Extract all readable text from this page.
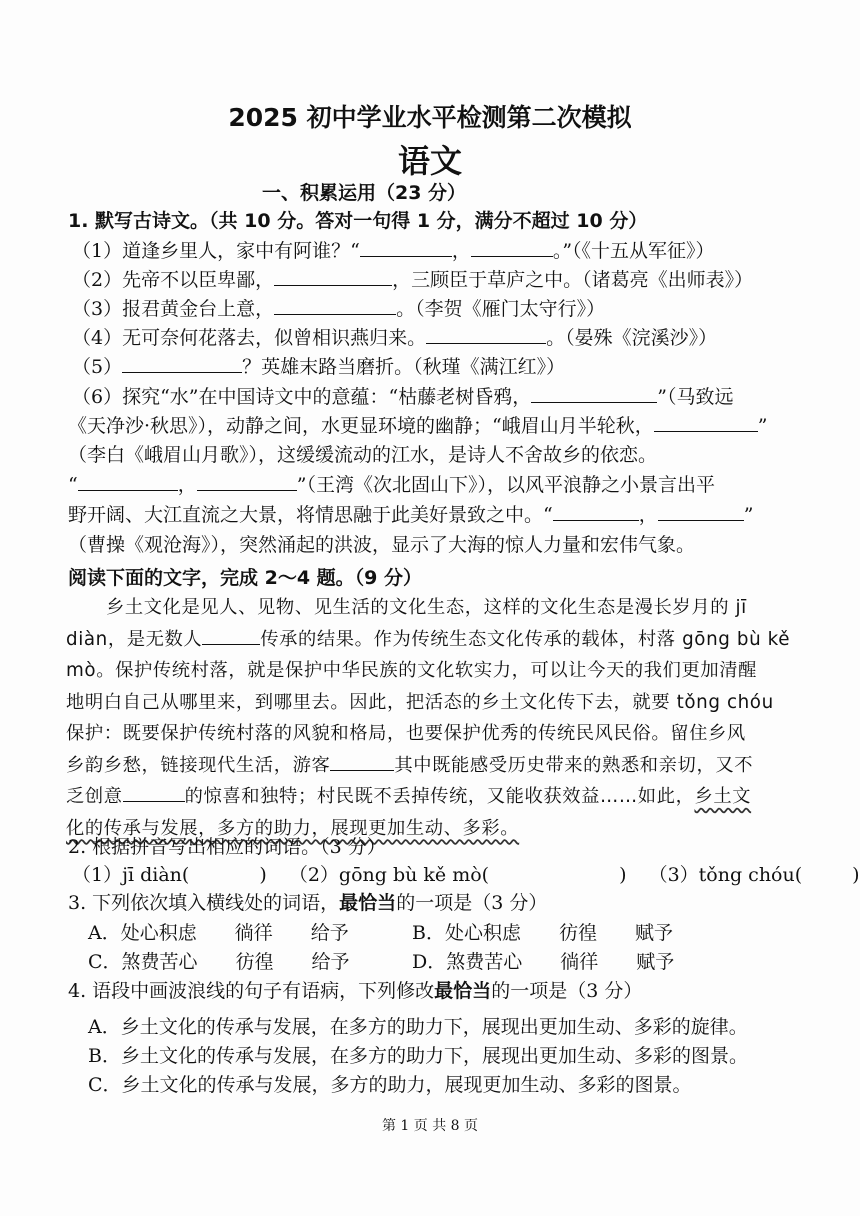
2025 初中学业水平检测第二次模拟
语文
一、积累运用（23 分）
1. 默写古诗文。（共 10 分。答对一句得 1 分，满分不超过 10 分）
（1）道逢乡里人，家中有阿谁？“	，	。”（《十五从军征》）
（2）先帝不以臣卑鄙，	，三顾臣于草庐之中。（诸葛亮《出师表》）
（3）报君黄金台上意，	。（李贺《雁门太守行》）
（4）无可奈何花落去，似曾相识燕归来。	。（晏殊《浣溪沙》）
（5）	？英雄末路当磨折。（秋瑾《满江红》）
（6）探究“水”在中国诗文中的意蕴：“枯藤老树昏鸦，	”（马致远
《天净沙·秋思》），动静之间，水更显环境的幽静；“峨眉山月半轮秋，	”
（李白《峨眉山月歌》），这缓缓流动的江水，是诗人不舍故乡的依恋。
“	，	”（王湾《次北固山下》），以风平浪静之小景言出平
野开阔、大江直流之大景，将情思融于此美好景致之中。“	，	”
（曹操《观沧海》），突然涌起的洪波，显示了大海的惊人力量和宏伟气象。
阅读下面的文字，完成 2～4 题。（9 分）
乡土文化是见人、见物、见生活的文化生态，这样的文化生态是漫长岁月的 jī
diàn，是无数人	传承的结果。作为传统生态文化传承的载体，村落 gōng bù kě
mò。保护传统村落，就是保护中华民族的文化软实力，可以让今天的我们更加清醒
地明白自己从哪里来，到哪里去。因此，把活态的乡土文化传下去，就要 tǒng chóu
保护：既要保护传统村落的风貌和格局，也要保护优秀的传统民风民俗。留住乡风
乡韵乡愁，链接现代生活，游客	其中既能感受历史带来的熟悉和亲切，又不
乏创意	的惊喜和独特；村民既不丢掉传统，又能收获效益……如此，乡土文
化的传承与发展，多方的助力，展现更加生动、多彩。
2. 根据拼音写出相应的词语。（3 分）
（1）jī diàn(	) （2）gōng bù kě mò(	) （3）tǒng chóu(	)
3. 下列依次填入横线处的词语，最恰当的一项是（3 分）
A．处心积虑　　徜徉　　给予	B．处心积虑　　彷徨　　赋予
C．煞费苦心　　彷徨　　给予	D．煞费苦心　　徜徉　　赋予
4. 语段中画波浪线的句子有语病，下列修改最恰当的一项是（3 分）
A．乡土文化的传承与发展，在多方的助力下，展现出更加生动、多彩的旋律。
B．乡土文化的传承与发展，在多方的助力下，展现出更加生动、多彩的图景。
C．乡土文化的传承与发展，多方的助力，展现更加生动、多彩的图景。
第 1 页 共 8 页
